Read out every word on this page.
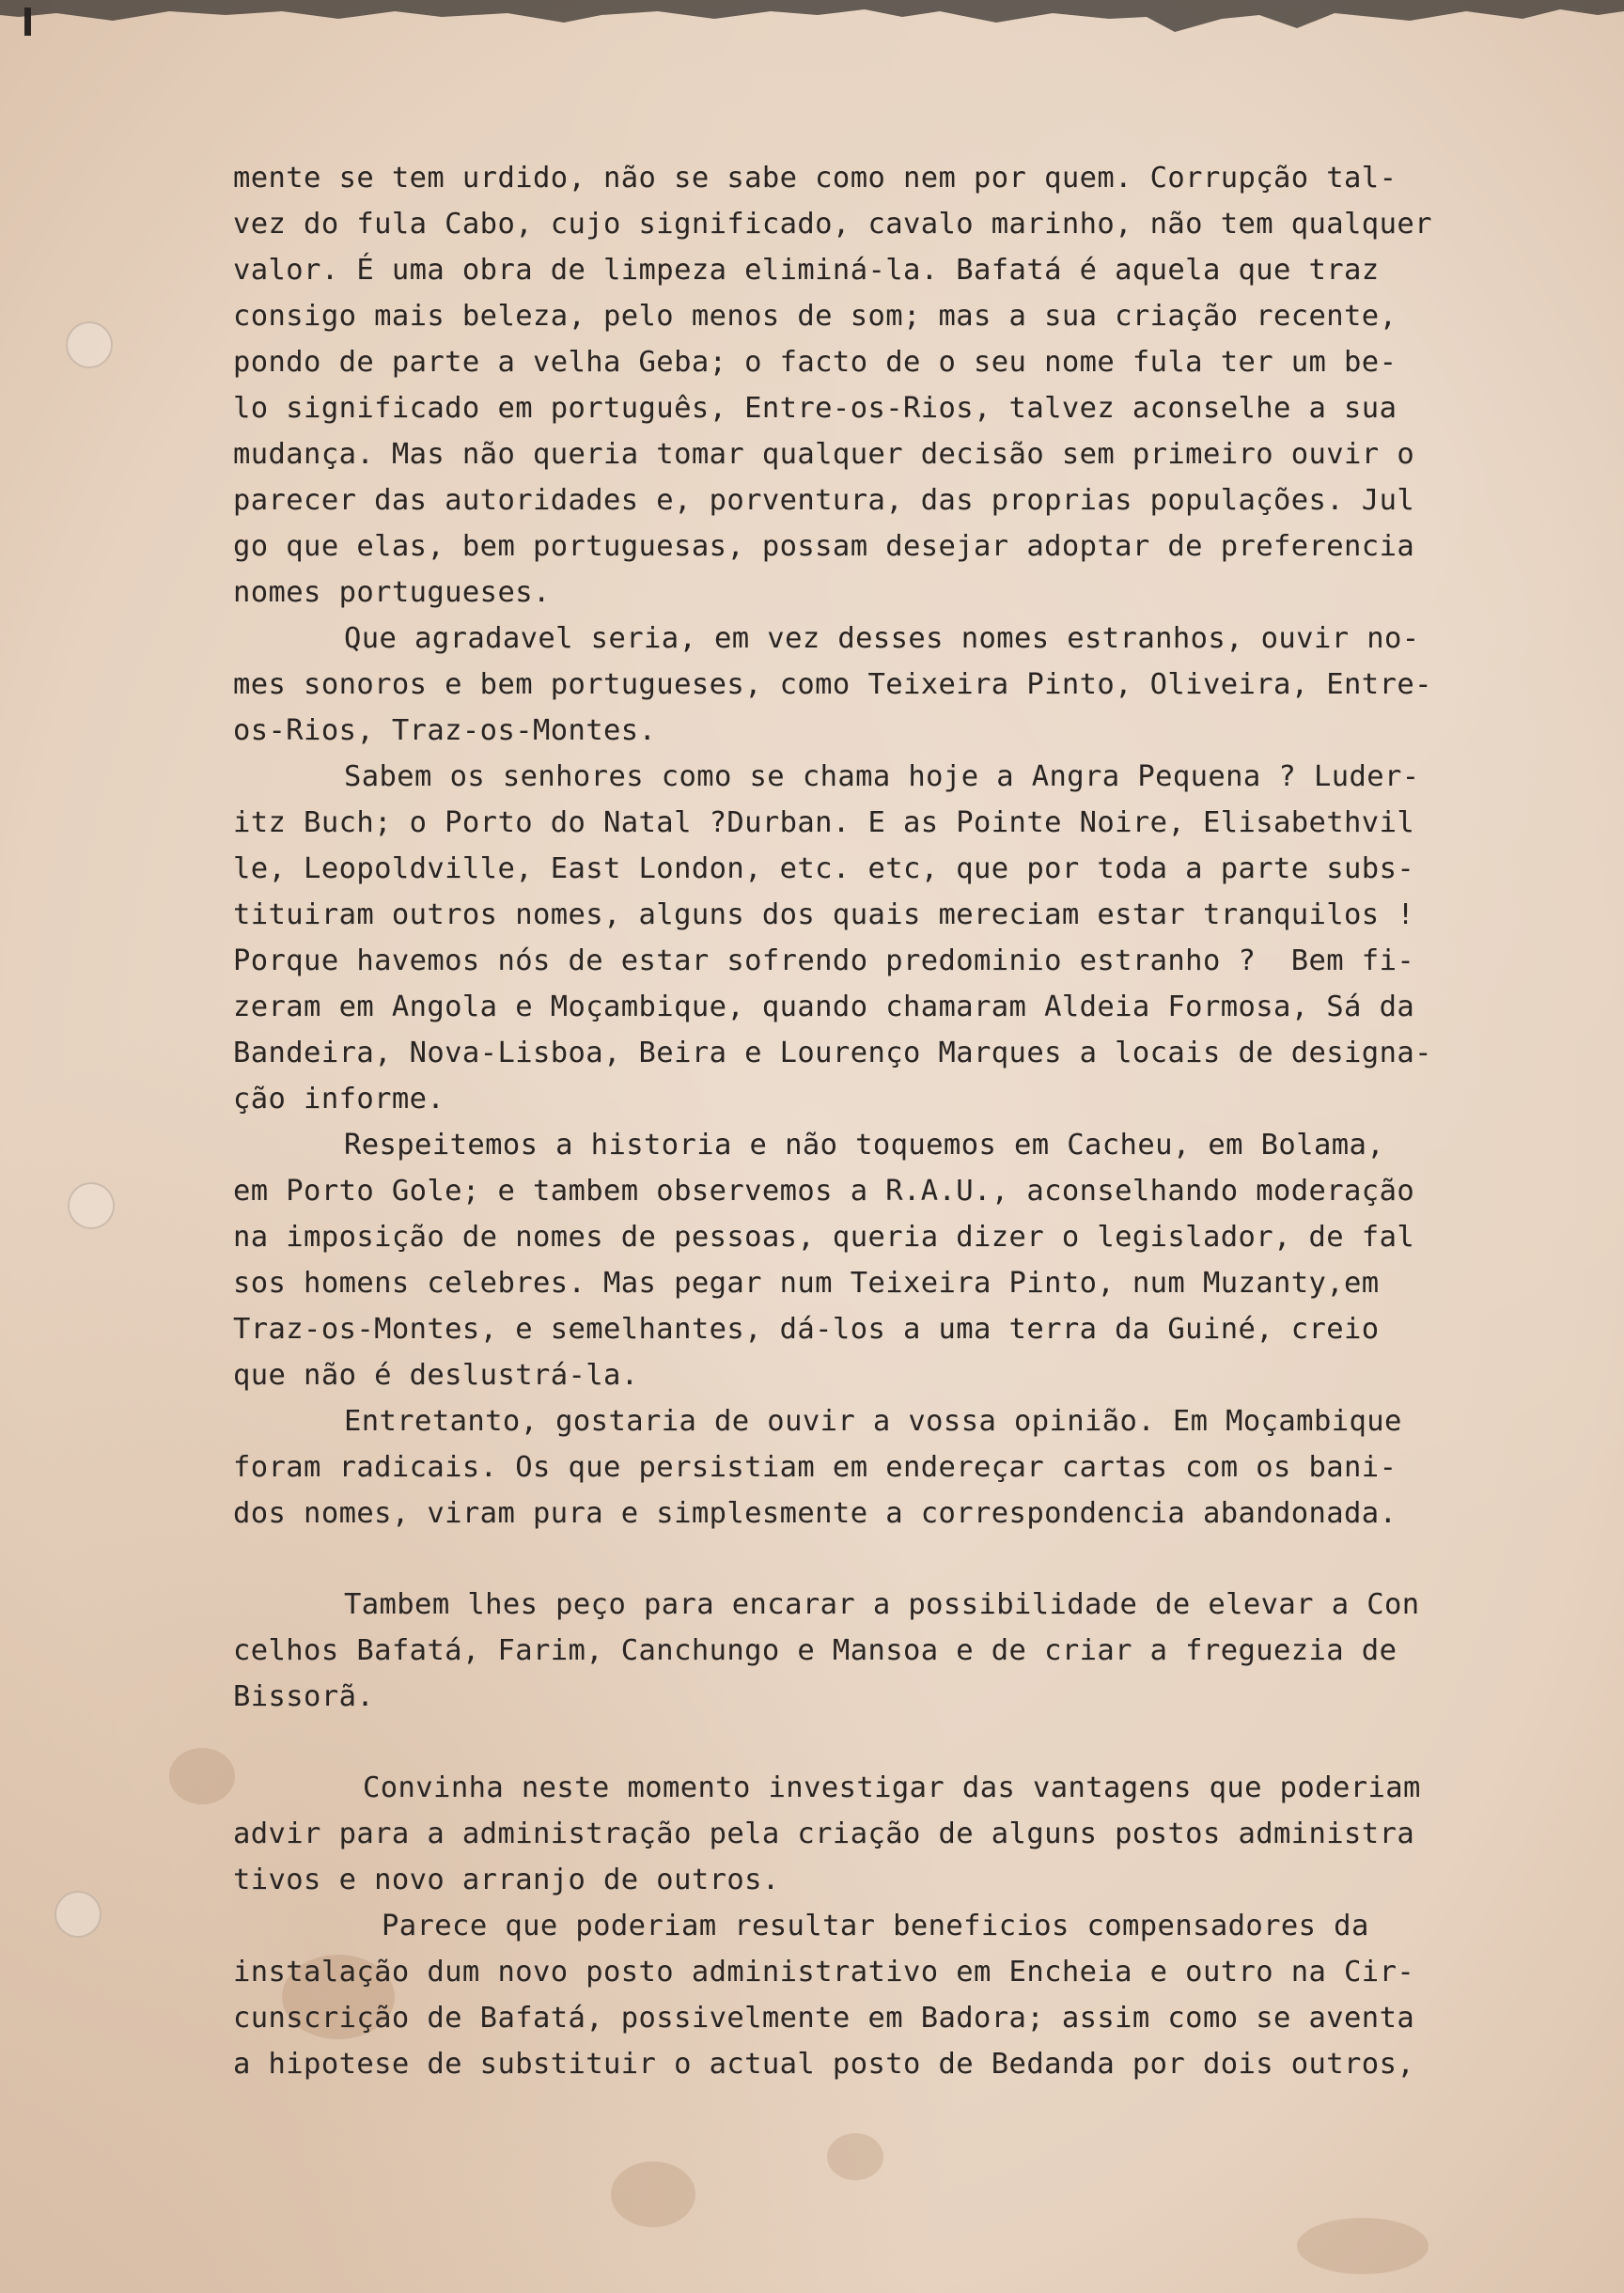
mente se tem urdido, não se sabe como nem por quem. Corrupção tal-
vez do fula Cabo, cujo significado, cavalo marinho, não tem qualquer
valor. É uma obra de limpeza eliminá-la. Bafatá é aquela que traz
consigo mais beleza, pelo menos de som; mas a sua criação recente,
pondo de parte a velha Geba; o facto de o seu nome fula ter um be-
lo significado em português, Entre-os-Rios, talvez aconselhe a sua
mudança. Mas não queria tomar qualquer decisão sem primeiro ouvir o
parecer das autoridades e, porventura, das proprias populações. Jul
go que elas, bem portuguesas, possam desejar adoptar de preferencia
nomes portugueses.
Que agradavel seria, em vez desses nomes estranhos, ouvir no-
mes sonoros e bem portugueses, como Teixeira Pinto, Oliveira, Entre-
os-Rios, Traz-os-Montes.
Sabem os senhores como se chama hoje a Angra Pequena ? Luder-
itz Buch; o Porto do Natal ?Durban. E as Pointe Noire, Elisabethvil
le, Leopoldville, East London, etc. etc, que por toda a parte subs-
tituiram outros nomes, alguns dos quais mereciam estar tranquilos !
Porque havemos nós de estar sofrendo predominio estranho ?  Bem fi-
zeram em Angola e Moçambique, quando chamaram Aldeia Formosa, Sá da
Bandeira, Nova-Lisboa, Beira e Lourenço Marques a locais de designa-
ção informe.
Respeitemos a historia e não toquemos em Cacheu, em Bolama,
em Porto Gole; e tambem observemos a R.A.U., aconselhando moderação
na imposição de nomes de pessoas, queria dizer o legislador, de fal
sos homens celebres. Mas pegar num Teixeira Pinto, num Muzanty,em
Traz-os-Montes, e semelhantes, dá-los a uma terra da Guiné, creio
que não é deslustrá-la.
Entretanto, gostaria de ouvir a vossa opinião. Em Moçambique
foram radicais. Os que persistiam em endereçar cartas com os bani-
dos nomes, viram pura e simplesmente a correspondencia abandonada.
Tambem lhes peço para encarar a possibilidade de elevar a Con
celhos Bafatá, Farim, Canchungo e Mansoa e de criar a freguezia de
Bissorã.
Convinha neste momento investigar das vantagens que poderiam
advir para a administração pela criação de alguns postos administra
tivos e novo arranjo de outros.
Parece que poderiam resultar beneficios compensadores da
instalação dum novo posto administrativo em Encheia e outro na Cir-
cunscrição de Bafatá, possivelmente em Badora; assim como se aventa
a hipotese de substituir o actual posto de Bedanda por dois outros,
